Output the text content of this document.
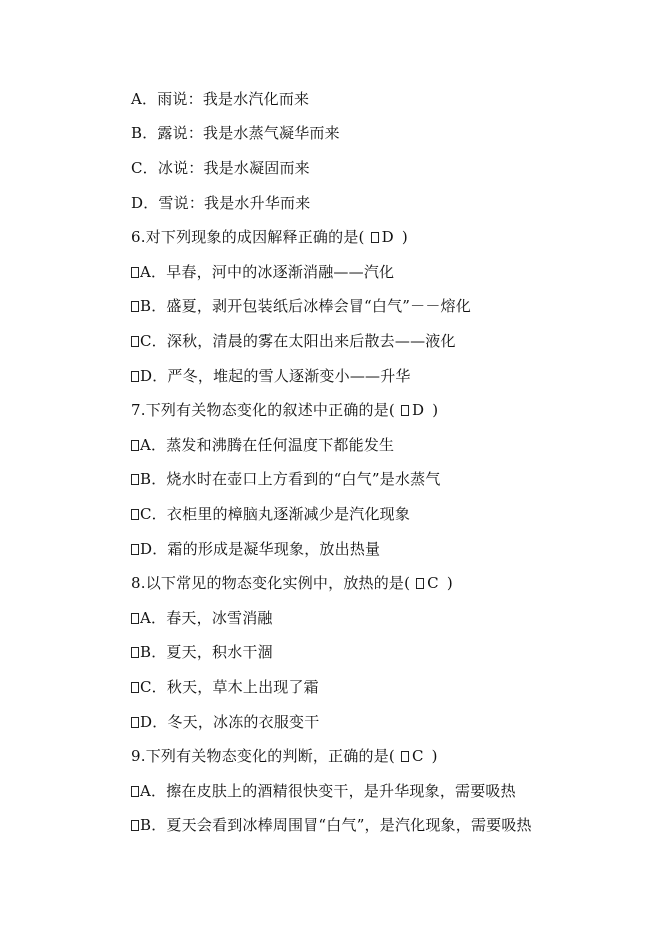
A．雨说：我是水汽化而来
B．露说：我是水蒸气凝华而来
C．冰说：我是水凝固而来
D．雪说：我是水升华而来
6.对下列现象的成因解释正确的是( D )
A．早春，河中的冰逐渐消融——汽化
B．盛夏，剥开包装纸后冰棒会冒“白气”－－熔化
C．深秋，清晨的雾在太阳出来后散去——液化
D．严冬，堆起的雪人逐渐变小——升华
7.下列有关物态变化的叙述中正确的是( D )
A．蒸发和沸腾在任何温度下都能发生
B．烧水时在壶口上方看到的“白气”是水蒸气
C．衣柜里的樟脑丸逐渐减少是汽化现象
D．霜的形成是凝华现象，放出热量
8.以下常见的物态变化实例中，放热的是( C )
A．春天，冰雪消融
B．夏天，积水干涸
C．秋天，草木上出现了霜
D．冬天，冰冻的衣服变干
9.下列有关物态变化的判断，正确的是( C )
A．擦在皮肤上的酒精很快变干，是升华现象，需要吸热
B．夏天会看到冰棒周围冒“白气”，是汽化现象，需要吸热
